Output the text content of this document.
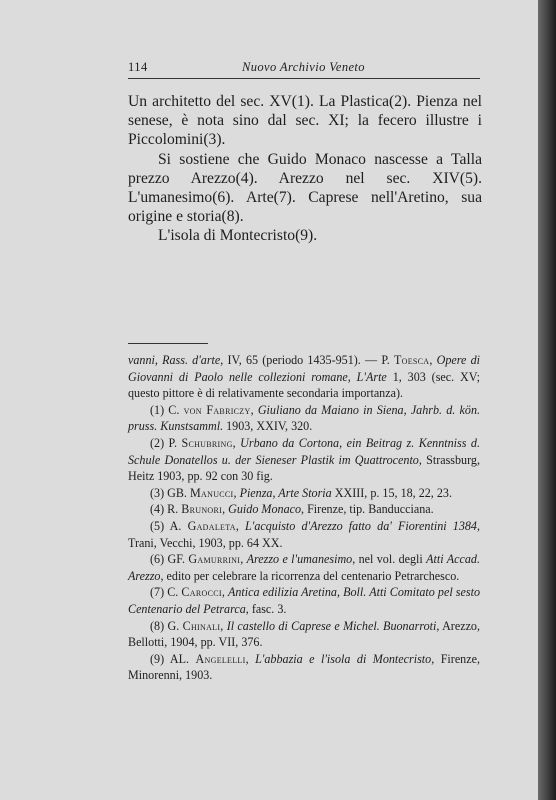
114	Nuovo Archivio Veneto

Un architetto del sec. XV(1). La Plastica(2). Pienza nel senese, è nota sino dal sec. XI; la fecero illustre i Piccolomini(3).

Si sostiene che Guido Monaco nascesse a Talla prezzo Arezzo(4). Arezzo nel sec. XIV(5). L'umanesimo(6). Arte(7). Caprese nell'Aretino, sua origine e storia(8).

L'isola di Montecristo(9).

vanni, Rass. d'arte, IV, 65 (periodo 1435-951). — P. Toesca, Opere di Giovanni di Paolo nelle collezioni romane, L'Arte 1, 303 (sec. XV; questo pittore è di relativamente secondaria importanza).

(1) C. von Fabriczy, Giuliano da Maiano in Siena, Jahrb. d. kön. pruss. Kunstsamml. 1903, XXIV, 320.

(2) P. Schubring, Urbano da Cortona, ein Beitrag z. Kenntniss d. Schule Donatellos u. der Sieneser Plastik im Quattrocento, Strassburg, Heitz 1903, pp. 92 con 30 fig.

(3) GB. Manucci, Pienza, Arte Storia XXIII, p. 15, 18, 22, 23.

(4) R. Brunori, Guido Monaco, Firenze, tip. Banducciana.

(5) A. Gadaleta, L'acquisto d'Arezzo fatto da' Fiorentini 1384, Trani, Vecchi, 1903, pp. 64 XX.

(6) GF. Gamurrini, Arezzo e l'umanesimo, nel vol. degli Atti Accad. Arezzo, edito per celebrare la ricorrenza del centenario Petrarchesco.

(7) C. Carocci, Antica edilizia Aretina, Boll. Atti Comitato pel sesto Centenario del Petrarca, fasc. 3.

(8) G. Chinali, Il castello di Caprese e Michel. Buonarroti, Arezzo, Bellotti, 1904, pp. VII, 376.

(9) AL. Angelelli, L'abbazia e l'isola di Montecristo, Firenze, Minorenni, 1903.
